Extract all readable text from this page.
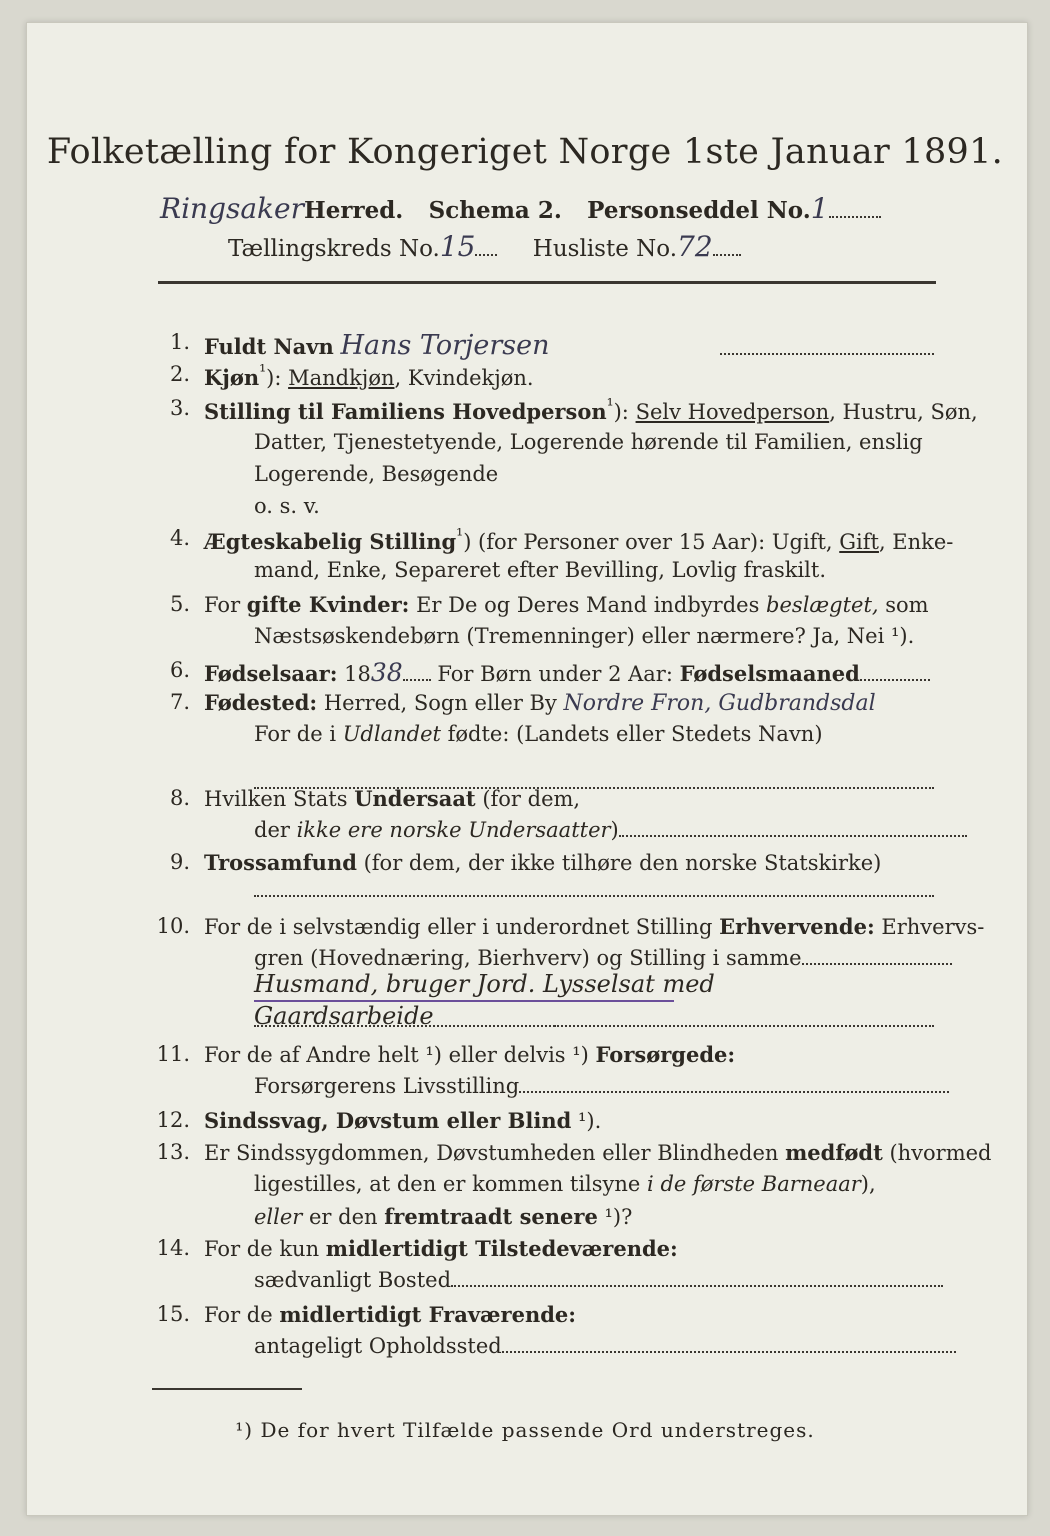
Folketælling for Kongeriget Norge 1ste Januar 1891.
RingsakerHerred. Schema 2. Personseddel No.1
Tællingskreds No.15 Husliste No.72
1. Fuldt Navn Hans Torjersen
2. Kjøn$^{^1}$): Mandkjøn, Kvindekjøn.
3. Stilling til Familiens Hovedperson$^{^1}$): Selv Hovedperson, Hustru, Søn,
Datter, Tjenestetyende, Logerende hørende til Familien, enslig
Logerende, Besøgende
o. s. v.
4. Ægteskabelig Stilling$^{^1}$) (for Personer over 15 Aar): Ugift, Gift, Enke-
mand, Enke, Separeret efter Bevilling, Lovlig fraskilt.
5. For gifte Kvinder: Er De og Deres Mand indbyrdes beslægtet, som
Næstsøskendebørn (Tremenninger) eller nærmere? Ja, Nei ¹).
6. Fødselsaar: 1838 For Børn under 2 Aar: Fødselsmaaned
7. Fødested: Herred, Sogn eller By Nordre Fron, Gudbrandsdal
For de i Udlandet fødte: (Landets eller Stedets Navn)
8. Hvilken Stats Undersaat (for dem,
der ikke ere norske Undersaatter)
9. Trossamfund (for dem, der ikke tilhøre den norske Statskirke)
10. For de i selvstændig eller i underordnet Stilling Erhvervende: Erhvervs-
gren (Hovednæring, Bierhverv) og Stilling i samme
Husmand, bruger Jord. Lysselsat med
Gaardsarbeide
11. For de af Andre helt ¹) eller delvis ¹) Forsørgede:
Forsørgerens Livsstilling
12. Sindssvag, Døvstum eller Blind ¹).
13. Er Sindssygdommen, Døvstumheden eller Blindheden medfødt (hvormed
ligestilles, at den er kommen tilsyne i de første Barneaar),
eller er den fremtraadt senere ¹)?
14. For de kun midlertidigt Tilstedeværende:
sædvanligt Bosted
15. For de midlertidigt Fraværende:
antageligt Opholdssted
¹) De for hvert Tilfælde passende Ord understreges.
